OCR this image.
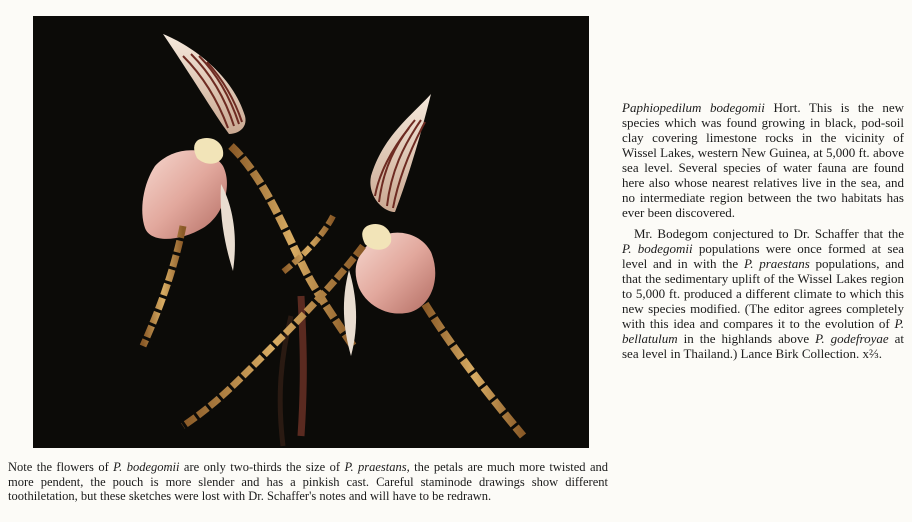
Paphiopedilum bodegomii Hort. This is the new species which was found growing in black, pod-soil clay covering limestone rocks in the vicinity of Wissel Lakes, western New Guinea, at 5,000 ft. above sea level. Several species of water fauna are found here also whose nearest relatives live in the sea, and no intermediate region between the two habitats has ever been discovered.

Mr. Bodegom conjectured to Dr. Schaffer that the P. bodegomii populations were once formed at sea level and in with the P. praestans populations, and that the sedimentary uplift of the Wissel Lakes region to 5,000 ft. produced a different climate to which this new species modified. (The editor agrees completely with this idea and compares it to the evolution of P. bellatulum in the highlands above P. godefroyae at sea level in Thailand.) Lance Birk Collection. x⅔.

Note the flowers of P. bodegomii are only two-thirds the size of P. praestans, the petals are much more twisted and more pendent, the pouch is more slender and has a pinkish cast. Careful staminode drawings show different toothiletation, but these sketches were lost with Dr. Schaffer's notes and will have to be redrawn.
